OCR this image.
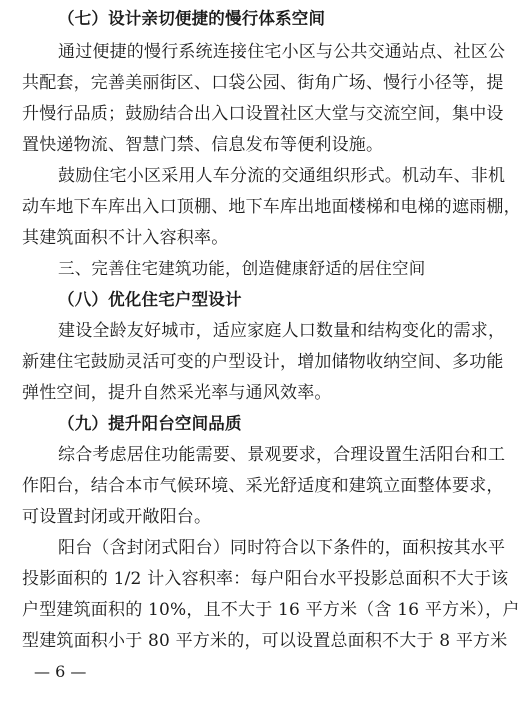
（七）设计亲切便捷的慢行体系空间
通过便捷的慢行系统连接住宅小区与公共交通站点、社区公
共配套，完善美丽街区、口袋公园、街角广场、慢行小径等，提
升慢行品质；鼓励结合出入口设置社区大堂与交流空间，集中设
置快递物流、智慧门禁、信息发布等便利设施。
鼓励住宅小区采用人车分流的交通组织形式。机动车、非机
动车地下车库出入口顶棚、地下车库出地面楼梯和电梯的遮雨棚，
其建筑面积不计入容积率。
三、完善住宅建筑功能，创造健康舒适的居住空间
（八）优化住宅户型设计
建设全龄友好城市，适应家庭人口数量和结构变化的需求，
新建住宅鼓励灵活可变的户型设计，增加储物收纳空间、多功能
弹性空间，提升自然采光率与通风效率。
（九）提升阳台空间品质
综合考虑居住功能需要、景观要求，合理设置生活阳台和工
作阳台，结合本市气候环境、采光舒适度和建筑立面整体要求，
可设置封闭或开敞阳台。
阳台（含封闭式阳台）同时符合以下条件的，面积按其水平
投影面积的 1/2 计入容积率：每户阳台水平投影总面积不大于该
户型建筑面积的 10%，且不大于 16 平方米（含 16 平方米），户
型建筑面积小于 80 平方米的，可以设置总面积不大于 8 平方米
— 6 —
